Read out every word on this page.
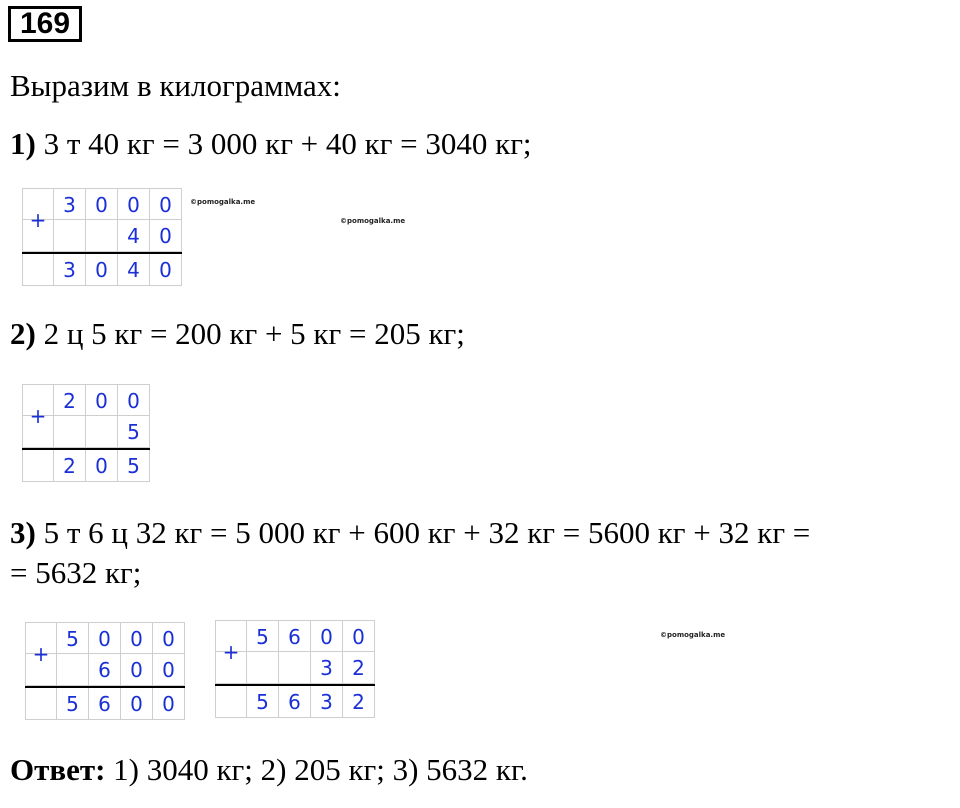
169
Выразим в килограммах:
1) 3 т 40 кг = 3 000 кг + 40 кг = 3040 кг;
3 0 0 0
4 0
3 0 4 0
+
©pomogalka.me
©pomogalka.me
2) 2 ц 5 кг = 200 кг + 5 кг = 205 кг;
2 0 0
5
2 0 5
+
3) 5 т 6 ц 32 кг = 5 000 кг + 600 кг + 32 кг = 5600 кг + 32 кг =
= 5632 кг;
5 0 0 0
6 0 0
5 6 0 0
+
5 6 0 0
3 2
5 6 3 2
+
©pomogalka.me
Ответ: 1) 3040 кг; 2) 205 кг; 3) 5632 кг.
